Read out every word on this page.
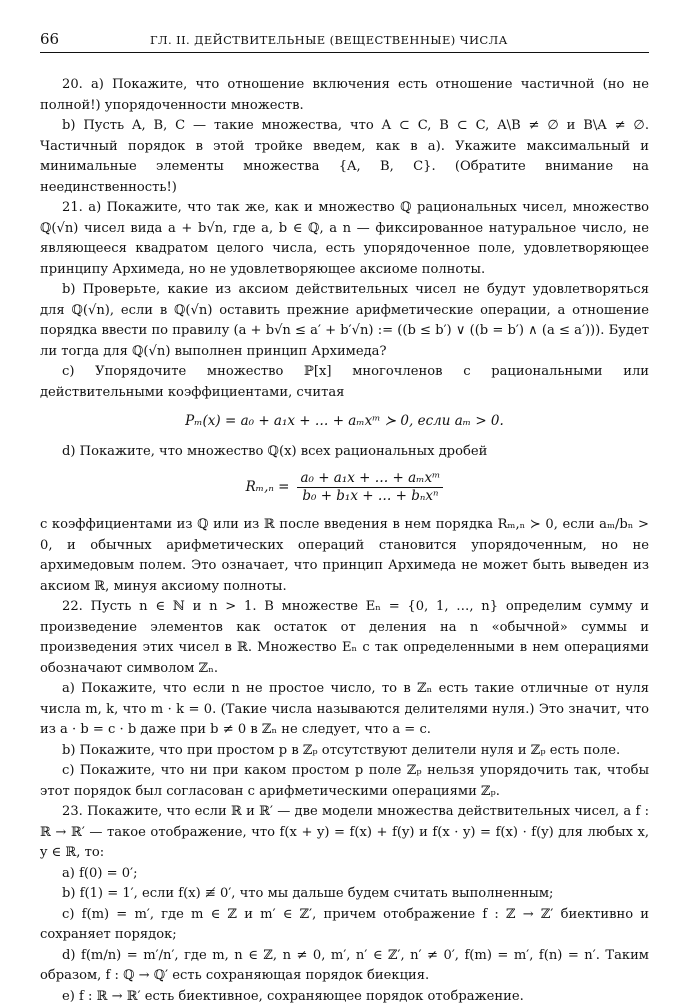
66	ГЛ. II. ДЕЙСТВИТЕЛЬНЫЕ (ВЕЩЕСТВЕННЫЕ) ЧИСЛА

20. a) Покажите, что отношение включения есть отношение частичной (но не полной!) упорядоченности множеств.

b) Пусть A, B, C — такие множества, что A ⊂ C, B ⊂ C, A\B ≠ ∅ и B\A ≠ ∅. Частичный порядок в этой тройке введем, как в a). Укажите максимальный и минимальные элементы множества {A, B, C}. (Обратите внимание на неединственность!)

21. a) Покажите, что так же, как и множество ℚ рациональных чисел, множество ℚ(√n) чисел вида a + b√n, где a, b ∈ ℚ, а n — фиксированное натуральное число, не являющееся квадратом целого числа, есть упорядоченное поле, удовлетворяющее принципу Архимеда, но не удовлетворяющее аксиоме полноты.

b) Проверьте, какие из аксиом действительных чисел не будут удовлетворяться для ℚ(√n), если в ℚ(√n) оставить прежние арифметические операции, а отношение порядка ввести по правилу (a + b√n ≤ a′ + b′√n) := ((b ≤ b′) ∨ ((b = b′) ∧ (a ≤ a′))). Будет ли тогда для ℚ(√n) выполнен принцип Архимеда?

c) Упорядочите множество ℙ[x] многочленов с рациональными или действительными коэффициентами, считая

Pₘ(x) = a₀ + a₁x + … + aₘxᵐ ≻ 0, если aₘ > 0.

d) Покажите, что множество ℚ(x) всех рациональных дробей

$R_m,_n = \frac{\text{a₀ + a₁x + … + aₘxᵐ}}{\text{b₀ + b₁x + … + bₙxⁿ}}$

с коэффициентами из ℚ или из ℝ после введения в нем порядка Rₘ,ₙ ≻ 0, если aₘ/bₙ > 0, и обычных арифметических операций становится упорядоченным, но не архимедовым полем. Это означает, что принцип Архимеда не может быть выведен из аксиом ℝ, минуя аксиому полноты.

22. Пусть n ∈ ℕ и n > 1. В множестве Eₙ = {0, 1, …, n} определим сумму и произведение элементов как остаток от деления на n «обычной» суммы и произведения этих чисел в ℝ. Множество Eₙ с так определенными в нем операциями обозначают символом ℤₙ.

a) Покажите, что если n не простое число, то в ℤₙ есть такие отличные от нуля числа m, k, что m · k = 0. (Такие числа называются делителями нуля.) Это значит, что из a · b = c · b даже при b ≠ 0 в ℤₙ не следует, что a = c.

b) Покажите, что при простом p в ℤₚ отсутствуют делители нуля и ℤₚ есть поле.

c) Покажите, что ни при каком простом p поле ℤₚ нельзя упорядочить так, чтобы этот порядок был согласован с арифметическими операциями ℤₚ.

23. Покажите, что если ℝ и ℝ′ — две модели множества действительных чисел, а f : ℝ → ℝ′ — такое отображение, что f(x + y) = f(x) + f(y) и f(x · y) = f(x) · f(y) для любых x, y ∈ ℝ, то:

a) f(0) = 0′;

b) f(1) = 1′, если f(x) ≢ 0′, что мы дальше будем считать выполненным;

c) f(m) = m′, где m ∈ ℤ и m′ ∈ ℤ′, причем отображение f : ℤ → ℤ′ биективно и сохраняет порядок;

d) f(m/n) = m′/n′, где m, n ∈ ℤ, n ≠ 0, m′, n′ ∈ ℤ′, n′ ≠ 0′, f(m) = m′, f(n) = n′. Таким образом, f : ℚ → ℚ′ есть сохраняющая порядок биекция.

e) f : ℝ → ℝ′ есть биективное, сохраняющее порядок отображение.
